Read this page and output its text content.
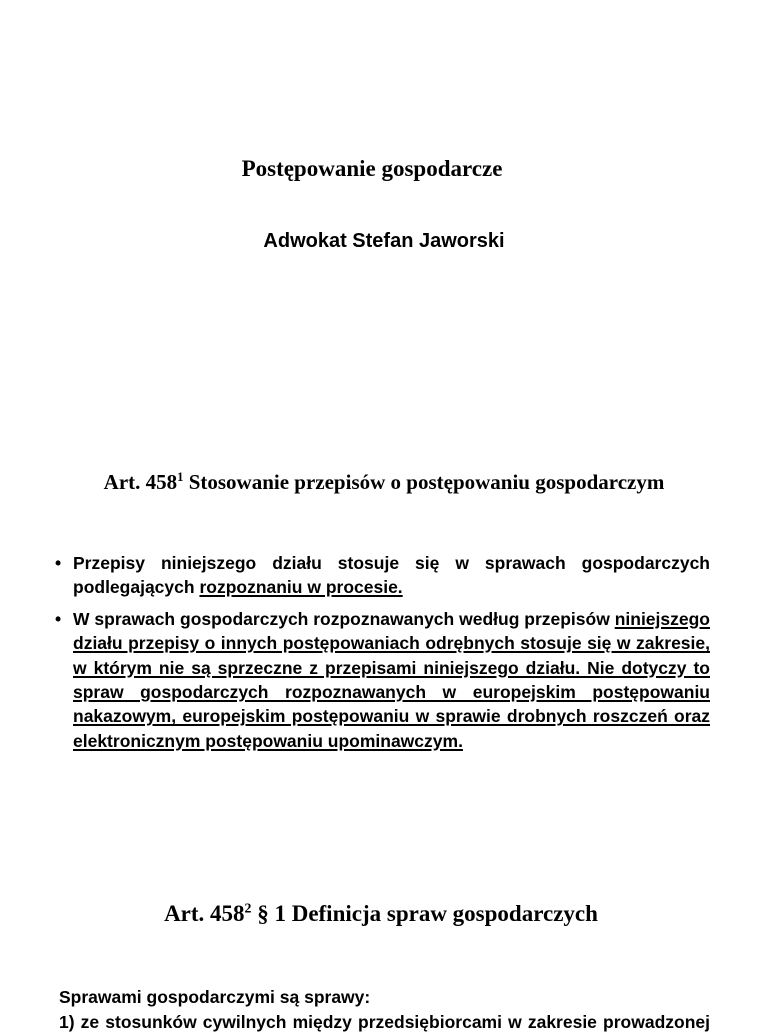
Postępowanie gospodarcze
Adwokat Stefan Jaworski
Art. $458^1$ Stosowanie przepisów o postępowaniu gospodarczym
• Przepisy niniejszego działu stosuje się w sprawach gospodarczych podlegających rozpoznaniu w procesie.
• W sprawach gospodarczych rozpoznawanych według przepisów niniejszego działu przepisy o innych postępowaniach odrębnych stosuje się w zakresie, w którym nie są sprzeczne z przepisami niniejszego działu. Nie dotyczy to spraw gospodarczych rozpoznawanych w europejskim postępowaniu nakazowym, europejskim postępowaniu w sprawie drobnych roszczeń oraz elektronicznym postępowaniu upominawczym.
Art. $458^2$ § 1 Definicja spraw gospodarczych
Sprawami gospodarczymi są sprawy:
1) ze stosunków cywilnych między przedsiębiorcami w zakresie prowadzonej
